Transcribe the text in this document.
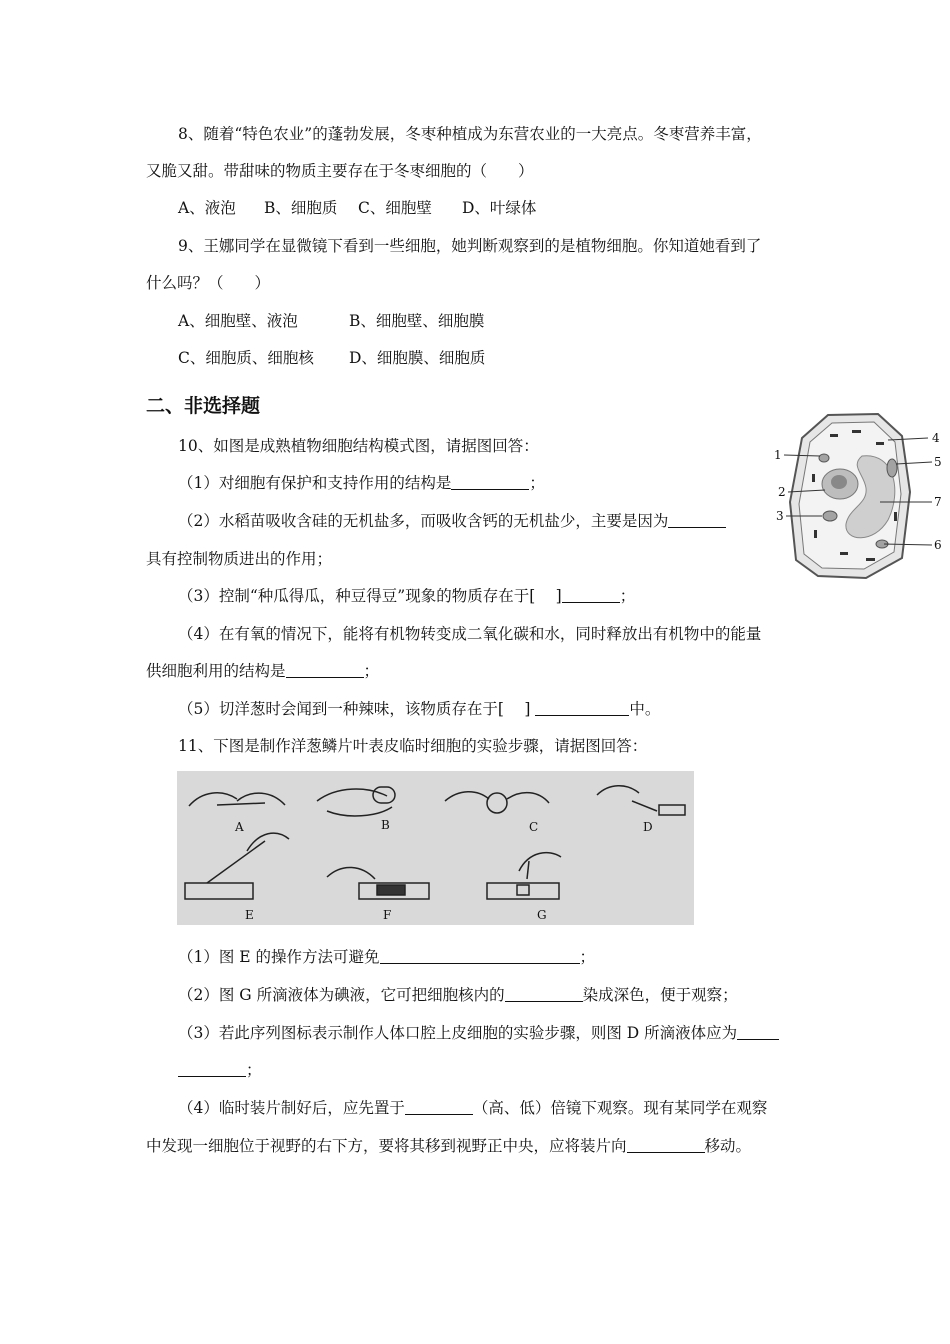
8、随着“特色农业”的蓬勃发展，冬枣种植成为东营农业的一大亮点。冬枣营养丰富，
又脆又甜。带甜味的物质主要存在于冬枣细胞的（　　）
A、液泡 B、细胞质 C、细胞壁 D、叶绿体
9、王娜同学在显微镜下看到一些细胞，她判断观察到的是植物细胞。你知道她看到了
什么吗？（　　）
A、细胞壁、液泡	B、细胞壁、细胞膜
C、细胞质、细胞核 D、细胞膜、细胞质
二、非选择题
10、如图是成熟植物细胞结构模式图，请据图回答：
（1）对细胞有保护和支持作用的结构是	；
（2）水稻苗吸收含硅的无机盐多，而吸收含钙的无机盐少，主要是因为
具有控制物质进出的作用；
（3）控制“种瓜得瓜，种豆得豆”现象的物质存在于[　 ]	；
（4）在有氧的情况下，能将有机物转变成二氧化碳和水，同时释放出有机物中的能量
供细胞利用的结构是	；
（5）切洋葱时会闻到一种辣味，该物质存在于[　 ]	中。
1
2
3
4
5
6
7
11、下图是制作洋葱鳞片叶表皮临时细胞的实验步骤，请据图回答：
A	B	C	D
E	F	G
（1）图 E 的操作方法可避免	；
（2）图 G 所滴液体为碘液，它可把细胞核内的	染成深色，便于观察；
（3）若此序列图标表示制作人体口腔上皮细胞的实验步骤，则图 D 所滴液体应为
；
（4）临时装片制好后，应先置于	（高、低）倍镜下观察。现有某同学在观察
中发现一细胞位于视野的右下方，要将其移到视野正中央，应将装片向	移动。
